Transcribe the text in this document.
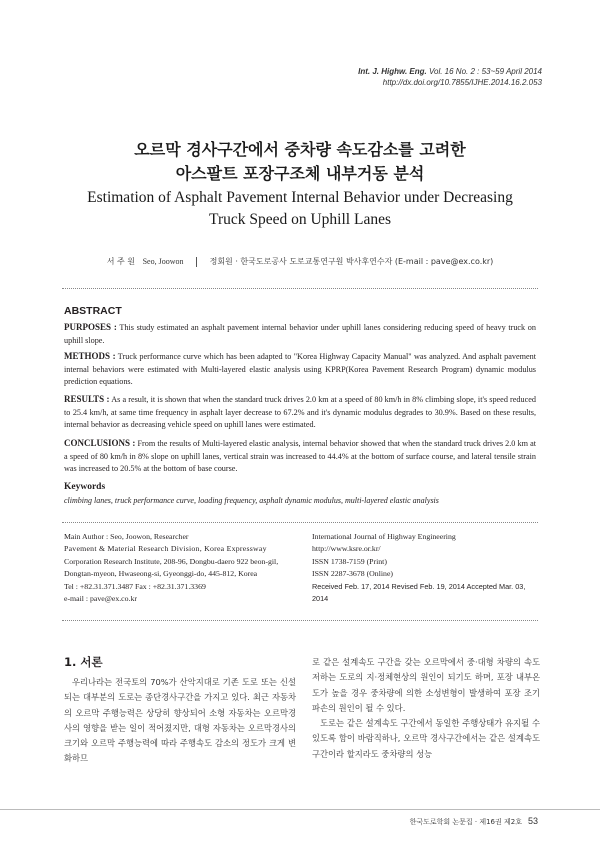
Int. J. Highw. Eng. Vol. 16 No. 2 : 53~59 April 2014
http://dx.doi.org/10.7855/IJHE.2014.16.2.053
오르막 경사구간에서 중차량 속도감소를 고려한
아스팔트 포장구조체 내부거동 분석
Estimation of Asphalt Pavement Internal Behavior under Decreasing
Truck Speed on Uphill Lanes
서 주 원 Seo, Joowon	정회원 · 한국도로공사 도로교통연구원 박사후연수자 (E-mail : pave@ex.co.kr)
ABSTRACT
PURPOSES : This study estimated an asphalt pavement internal behavior under uphill lanes considering reducing speed of heavy truck on uphill slope.
METHODS : Truck performance curve which has been adapted to "Korea Highway Capacity Manual" was analyzed. And asphalt pavement internal behaviors were estimated with Multi-layered elastic analysis using KPRP(Korea Pavement Research Program) dynamic modulus prediction equations.
RESULTS : As a result, it is shown that when the standard truck drives 2.0 km at a speed of 80 km/h in 8% climbing slope, it's speed reduced to 25.4 km/h, at same time frequency in asphalt layer decrease to 67.2% and it's dynamic modulus degrades to 30.9%. Based on these results, internal behavior as decreasing vehicle speed on uphill lanes were estimated.
CONCLUSIONS : From the results of Multi-layered elastic analysis, internal behavior showed that when the standard truck drives 2.0 km at a speed of 80 km/h in 8% slope on uphill lanes, vertical strain was increased to 44.4% at the bottom of surface course, and lateral tensile strain was increased to 20.5% at the bottom of base course.
Keywords
climbing lanes, truck performance curve, loading frequency, asphalt dynamic modulus, multi-layered elastic analysis
Main Author : Seo, Joowon, Researcher
Pavement & Material Research Division, Korea Expressway
Corporation Research Institute, 208-96, Dongbu-daero 922 beon-gil,
Dongtan-myeon, Hwaseong-si, Gyeonggi-do, 445-812, Korea
Tel : +82.31.371.3487 Fax : +82.31.371.3369
e-mail : pave@ex.co.kr
International Journal of Highway Engineering
http://www.ksre.or.kr/
ISSN 1738-7159 (Print)
ISSN 2287-3678 (Online)
Received Feb. 17, 2014 Revised Feb. 19, 2014 Accepted Mar. 03, 2014
1. 서론

우리나라는 전국토의 70%가 산악지대로 기존 도로 또는 신설되는 대부분의 도로는 종단경사구간을 가지고 있다. 최근 자동차의 오르막 주행능력은 상당히 향상되어 소형 자동차는 오르막경사의 영향을 받는 일이 적어졌지만, 대형 자동차는 오르막경사의 크기와 오르막 주행능력에 따라 주행속도 감소의 정도가 크게 변화하므

로 같은 설계속도 구간을 갖는 오르막에서 중·대형 차량의 속도저하는 도로의 지·정체현상의 원인이 되기도 하며, 포장 내부온도가 높을 경우 중차량에 의한 소성변형이 발생하여 포장 조기파손의 원인이 될 수 있다.

도로는 같은 설계속도 구간에서 동일한 주행상태가 유지될 수 있도록 함이 바람직하나, 오르막 경사구간에서는 같은 설계속도 구간이라 할지라도 중차량의 성능

한국도로학회 논문집 · 제16권 제2호 53
